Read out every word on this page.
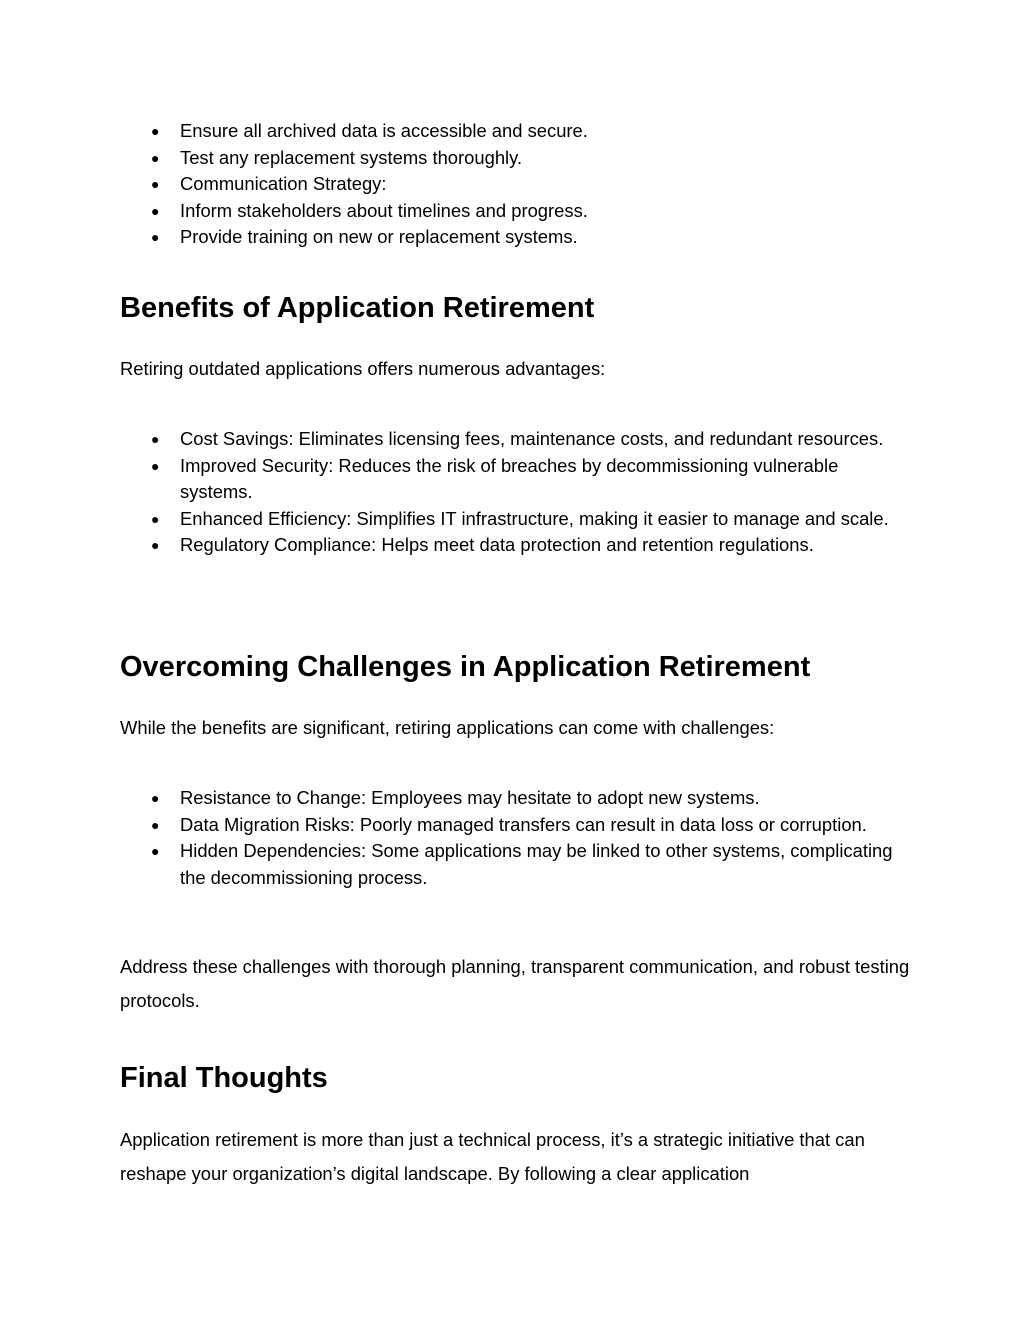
● Ensure all archived data is accessible and secure.
● Test any replacement systems thoroughly.
● Communication Strategy:
● Inform stakeholders about timelines and progress.
● Provide training on new or replacement systems.
Benefits of Application Retirement

Retiring outdated applications offers numerous advantages:

● Cost Savings: Eliminates licensing fees, maintenance costs, and redundant resources.
● Improved Security: Reduces the risk of breaches by decommissioning vulnerable systems.
● Enhanced Efficiency: Simplifies IT infrastructure, making it easier to manage and scale.
● Regulatory Compliance: Helps meet data protection and retention regulations.
Overcoming Challenges in Application Retirement

While the benefits are significant, retiring applications can come with challenges:

● Resistance to Change: Employees may hesitate to adopt new systems.
● Data Migration Risks: Poorly managed transfers can result in data loss or corruption.
● Hidden Dependencies: Some applications may be linked to other systems, complicating the decommissioning process.

Address these challenges with thorough planning, transparent communication, and robust testing protocols.

Final Thoughts

Application retirement is more than just a technical process, it’s a strategic initiative that can reshape your organization’s digital landscape. By following a clear application
